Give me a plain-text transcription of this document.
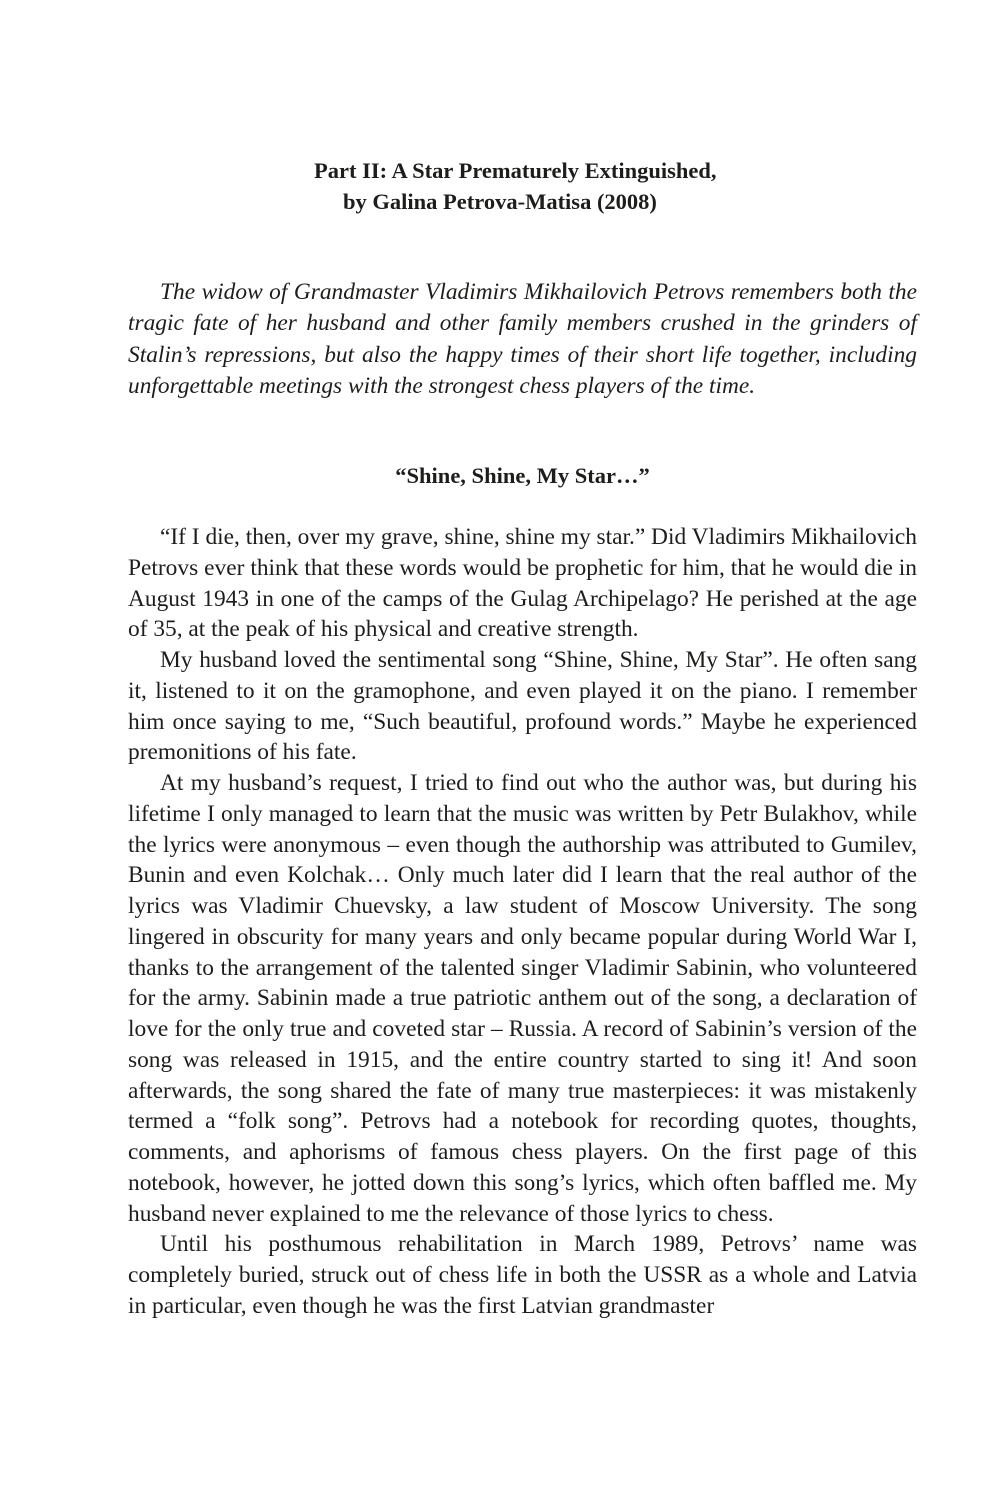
Part II: A Star Prematurely Extinguished,
by Galina Petrova-Matisa (2008)

The widow of Grandmaster Vladimirs Mikhailovich Petrovs remembers both the tragic fate of her husband and other family members crushed in the grinders of Stalin’s repressions, but also the happy times of their short life together, including unforgettable meetings with the strongest chess players of the time.

“Shine, Shine, My Star…”

“If I die, then, over my grave, shine, shine my star.” Did Vladimirs Mikhailovich Petrovs ever think that these words would be prophetic for him, that he would die in August 1943 in one of the camps of the Gulag Archipelago? He perished at the age of 35, at the peak of his physical and creative strength.

My husband loved the sentimental song “Shine, Shine, My Star”. He often sang it, listened to it on the gramophone, and even played it on the piano. I remember him once saying to me, “Such beautiful, profound words.” Maybe he experienced premonitions of his fate.

At my husband’s request, I tried to find out who the author was, but during his lifetime I only managed to learn that the music was written by Petr Bulakhov, while the lyrics were anonymous – even though the authorship was attributed to Gumilev, Bunin and even Kolchak… Only much later did I learn that the real author of the lyrics was Vladimir Chuevsky, a law student of Moscow University. The song lingered in obscurity for many years and only became popular during World War I, thanks to the arrangement of the talented singer Vladimir Sabinin, who volunteered for the army. Sabinin made a true patriotic anthem out of the song, a declaration of love for the only true and coveted star – Russia. A record of Sabinin’s version of the song was released in 1915, and the entire country started to sing it! And soon afterwards, the song shared the fate of many true masterpieces: it was mistakenly termed a “folk song”. Petrovs had a notebook for recording quotes, thoughts, comments, and aphorisms of famous chess players. On the first page of this notebook, however, he jotted down this song’s lyrics, which often baffled me. My husband never explained to me the relevance of those lyrics to chess.

Until his posthumous rehabilitation in March 1989, Petrovs’ name was completely buried, struck out of chess life in both the USSR as a whole and Latvia in particular, even though he was the first Latvian grandmaster
